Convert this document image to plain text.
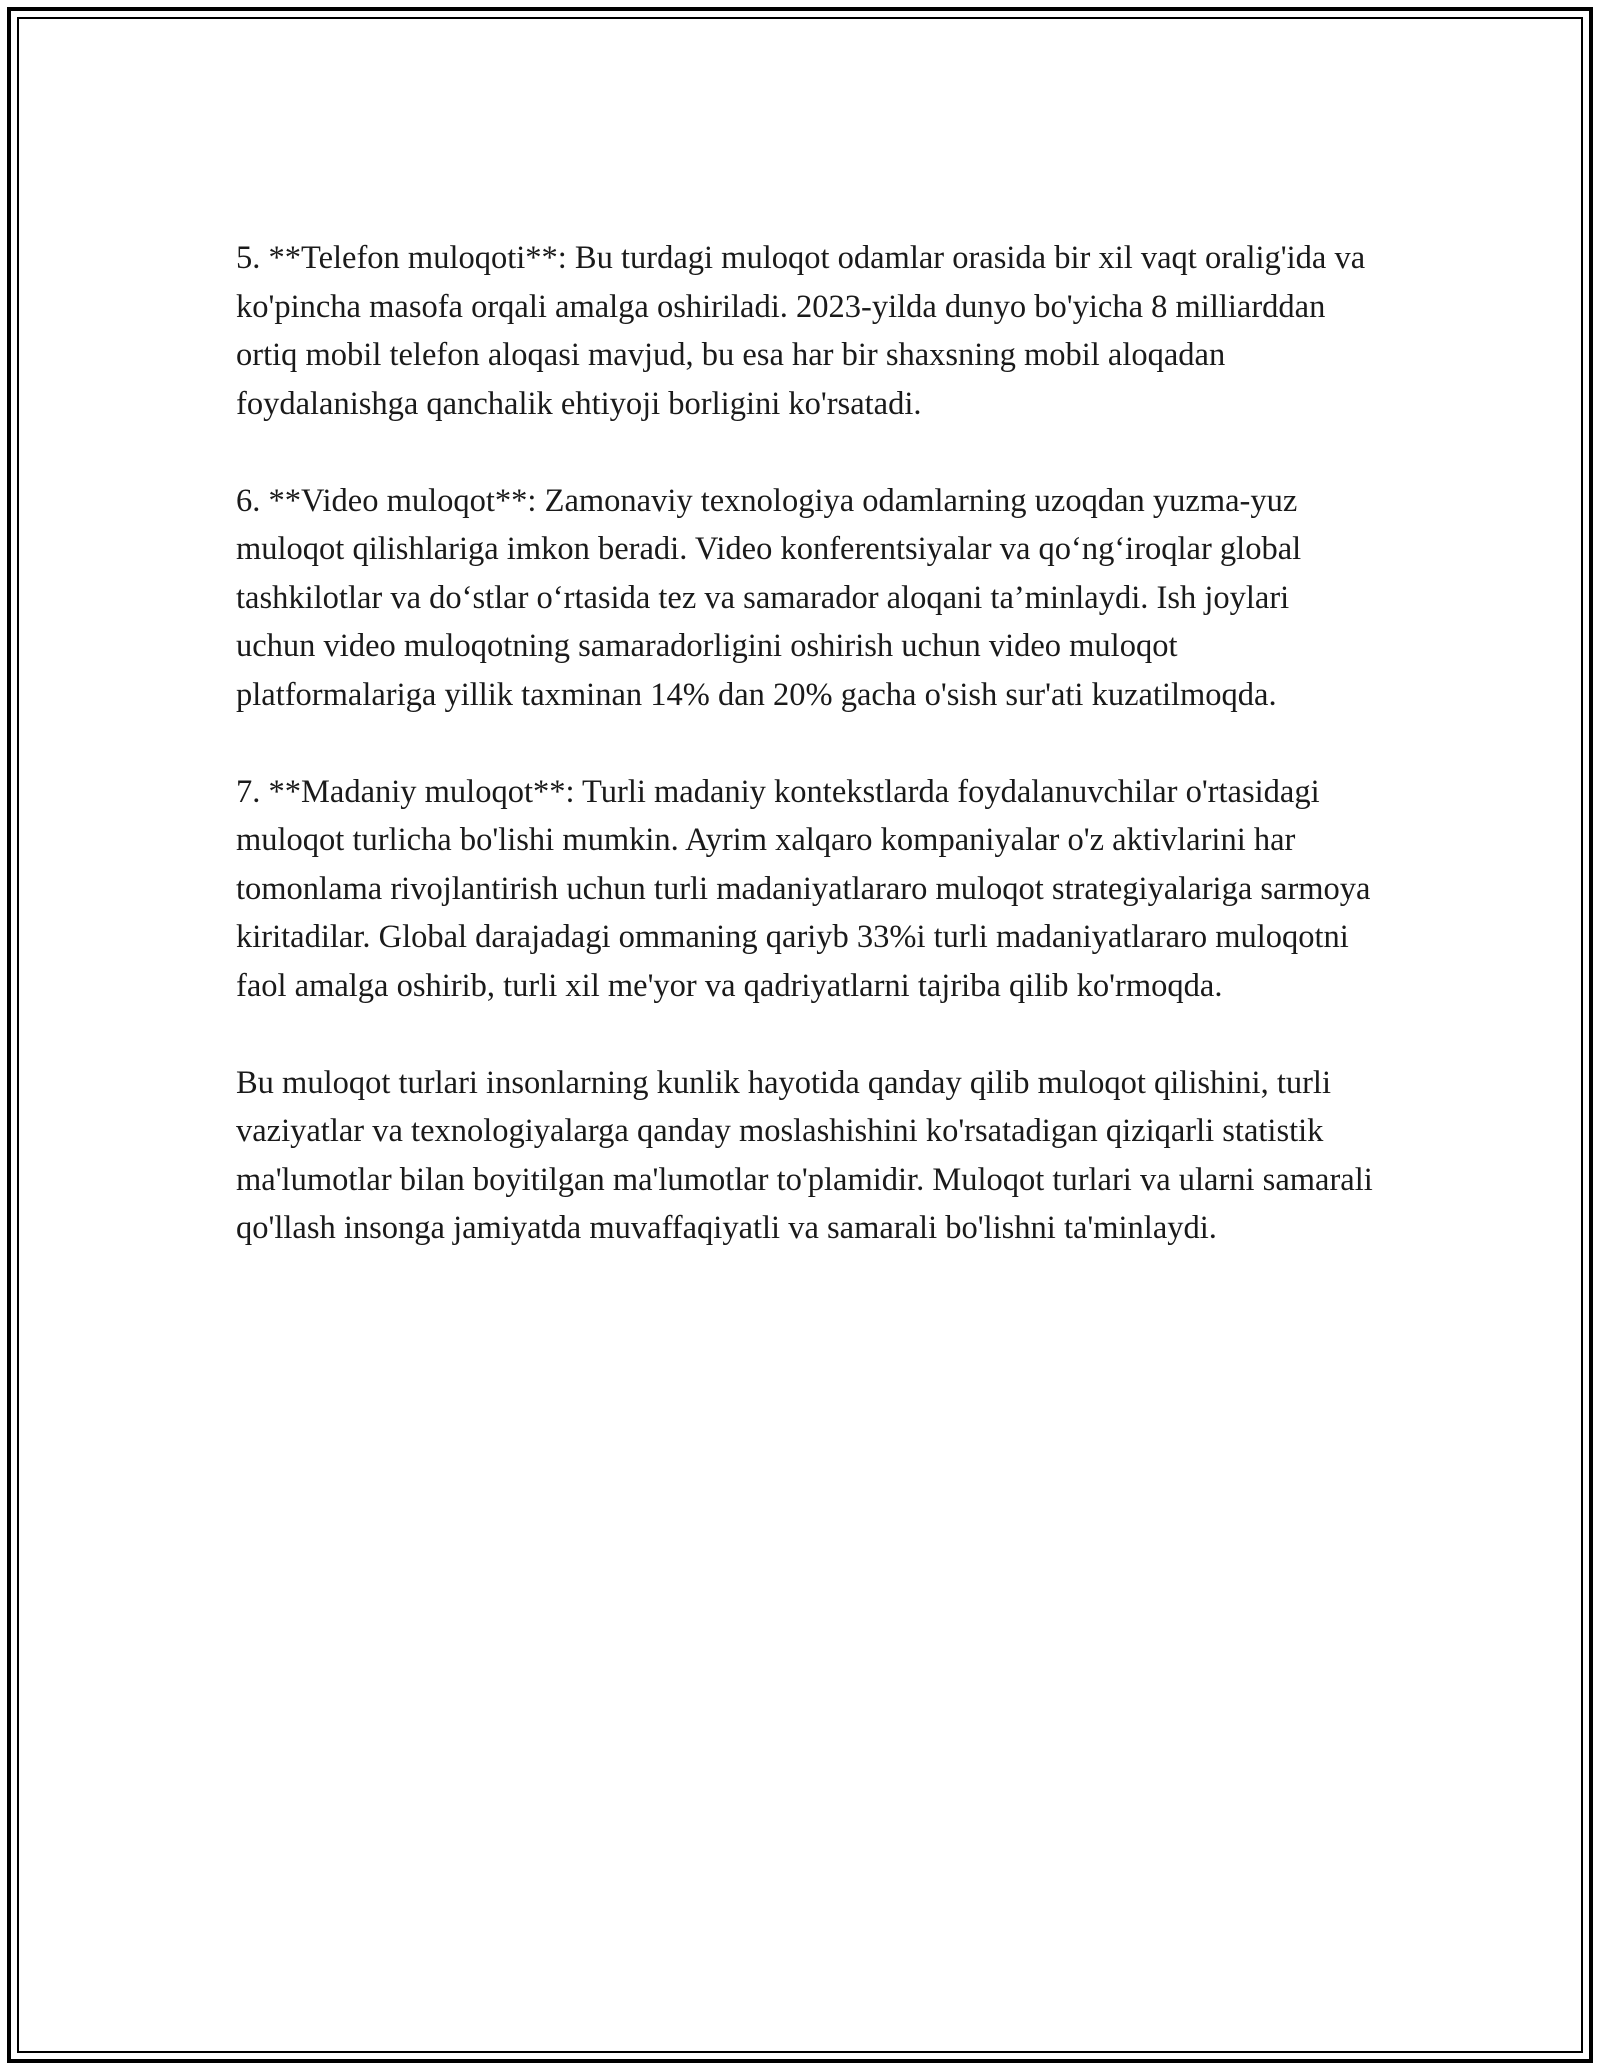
5. **Telefon muloqoti**: Bu turdagi muloqot odamlar orasida bir xil vaqt oralig'ida va ko'pincha masofa orqali amalga oshiriladi. 2023-yilda dunyo bo'yicha 8 milliarddan ortiq mobil telefon aloqasi mavjud, bu esa har bir shaxsning mobil aloqadan foydalanishga qanchalik ehtiyoji borligini ko'rsatadi.

6. **Video muloqot**: Zamonaviy texnologiya odamlarning uzoqdan yuzma-yuz muloqot qilishlariga imkon beradi. Video konferentsiyalar va qo‘ng‘iroqlar global tashkilotlar va do‘stlar o‘rtasida tez va samarador aloqani ta’minlaydi. Ish joylari uchun video muloqotning samaradorligini oshirish uchun video muloqot platformalariga yillik taxminan 14% dan 20% gacha o'sish sur'ati kuzatilmoqda.

7. **Madaniy muloqot**: Turli madaniy kontekstlarda foydalanuvchilar o'rtasidagi muloqot turlicha bo'lishi mumkin. Ayrim xalqaro kompaniyalar o'z aktivlarini har tomonlama rivojlantirish uchun turli madaniyatlararo muloqot strategiyalariga sarmoya kiritadilar. Global darajadagi ommaning qariyb 33%i turli madaniyatlararo muloqotni faol amalga oshirib, turli xil me'yor va qadriyatlarni tajriba qilib ko'rmoqda.

Bu muloqot turlari insonlarning kunlik hayotida qanday qilib muloqot qilishini, turli vaziyatlar va texnologiyalarga qanday moslashishini ko'rsatadigan qiziqarli statistik ma'lumotlar bilan boyitilgan ma'lumotlar to'plamidir. Muloqot turlari va ularni samarali qo'llash insonga jamiyatda muvaffaqiyatli va samarali bo'lishni ta'minlaydi.
